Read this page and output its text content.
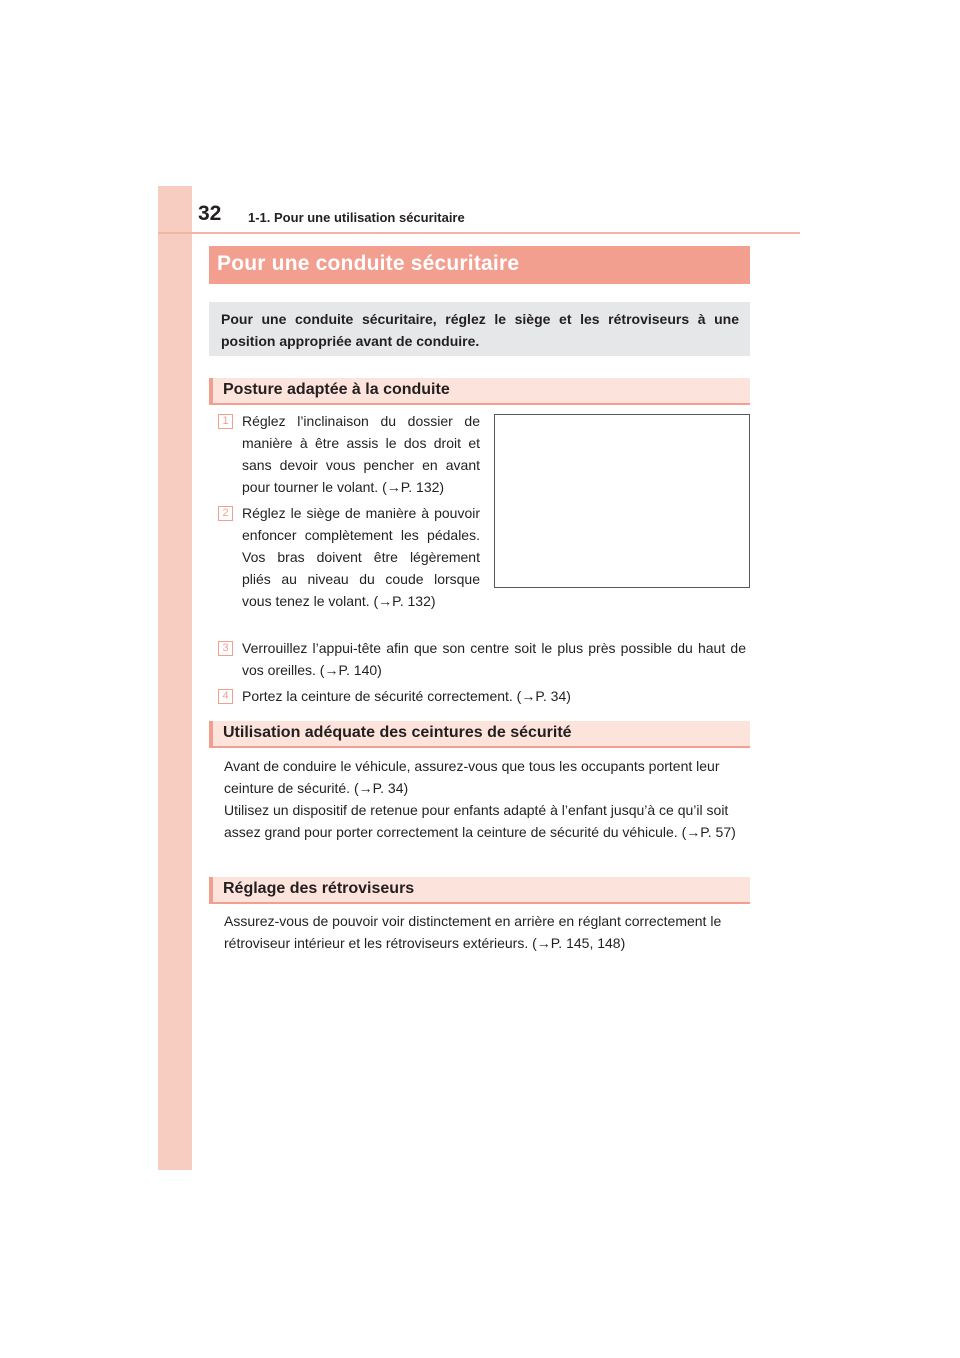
32 1-1. Pour une utilisation sécuritaire
Pour une conduite sécuritaire

Pour une conduite sécuritaire, réglez le siège et les rétroviseurs à une position appropriée avant de conduire.

Posture adaptée à la conduite
1 Réglez l’inclinaison du dossier de manière à être assis le dos droit et sans devoir vous pencher en avant pour tourner le volant. (→P. 132)

2 Réglez le siège de manière à pouvoir enfoncer complètement les pédales. Vos bras doivent être légèrement pliés au niveau du coude lorsque vous tenez le volant. (→P. 132)

3 Verrouillez l’appui-tête afin que son centre soit le plus près possible du haut de vos oreilles. (→P. 140)

4 Portez la ceinture de sécurité correctement. (→P. 34)

Utilisation adéquate des ceintures de sécurité

Avant de conduire le véhicule, assurez-vous que tous les occupants portent leur ceinture de sécurité. (→P. 34)

Utilisez un dispositif de retenue pour enfants adapté à l’enfant jusqu’à ce qu’il soit assez grand pour porter correctement la ceinture de sécurité du véhicule. (→P. 57)

Réglage des rétroviseurs

Assurez-vous de pouvoir voir distinctement en arrière en réglant correctement le rétroviseur intérieur et les rétroviseurs extérieurs. (→P. 145, 148)
